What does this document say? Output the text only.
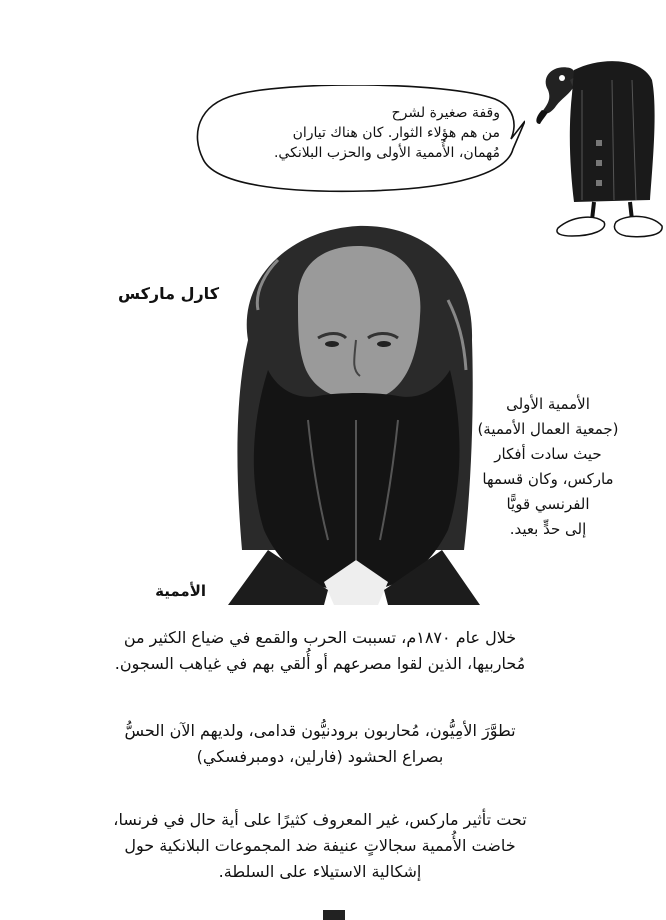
وقفة صغيرة لشرح
من هم هؤلاء الثوار. كان هناك تياران
مُهمان، الأُممية الأولى والحزب البلانكي.
كارل ماركس
الأممية
الأممية الأولى
(جمعية العمال الأممية)
حيث سادت أفكار
ماركس، وكان قسمها
الفرنسي قويًّا
إلى حدٍّ بعيد.
خلال عام ١٨٧٠م، تسببت الحرب والقمع في ضياع الكثير من
مُحاربيها، الذين لقوا مصرعهم أو أُلقي بهم في غياهب السجون.
تطوَّرَ الأمِيُّون، مُحاربون برودنيُّون قدامى، ولديهم الآن الحسُّ
بصراع الحشود (فارلين، دومبرفسكي)
تحت تأثير ماركس، غير المعروف كثيرًا على أية حال في فرنسا،
خاضت الأُممية سجالاتٍ عنيفة ضد المجموعات البلانكية حول
إشكالية الاستيلاء على السلطة.
